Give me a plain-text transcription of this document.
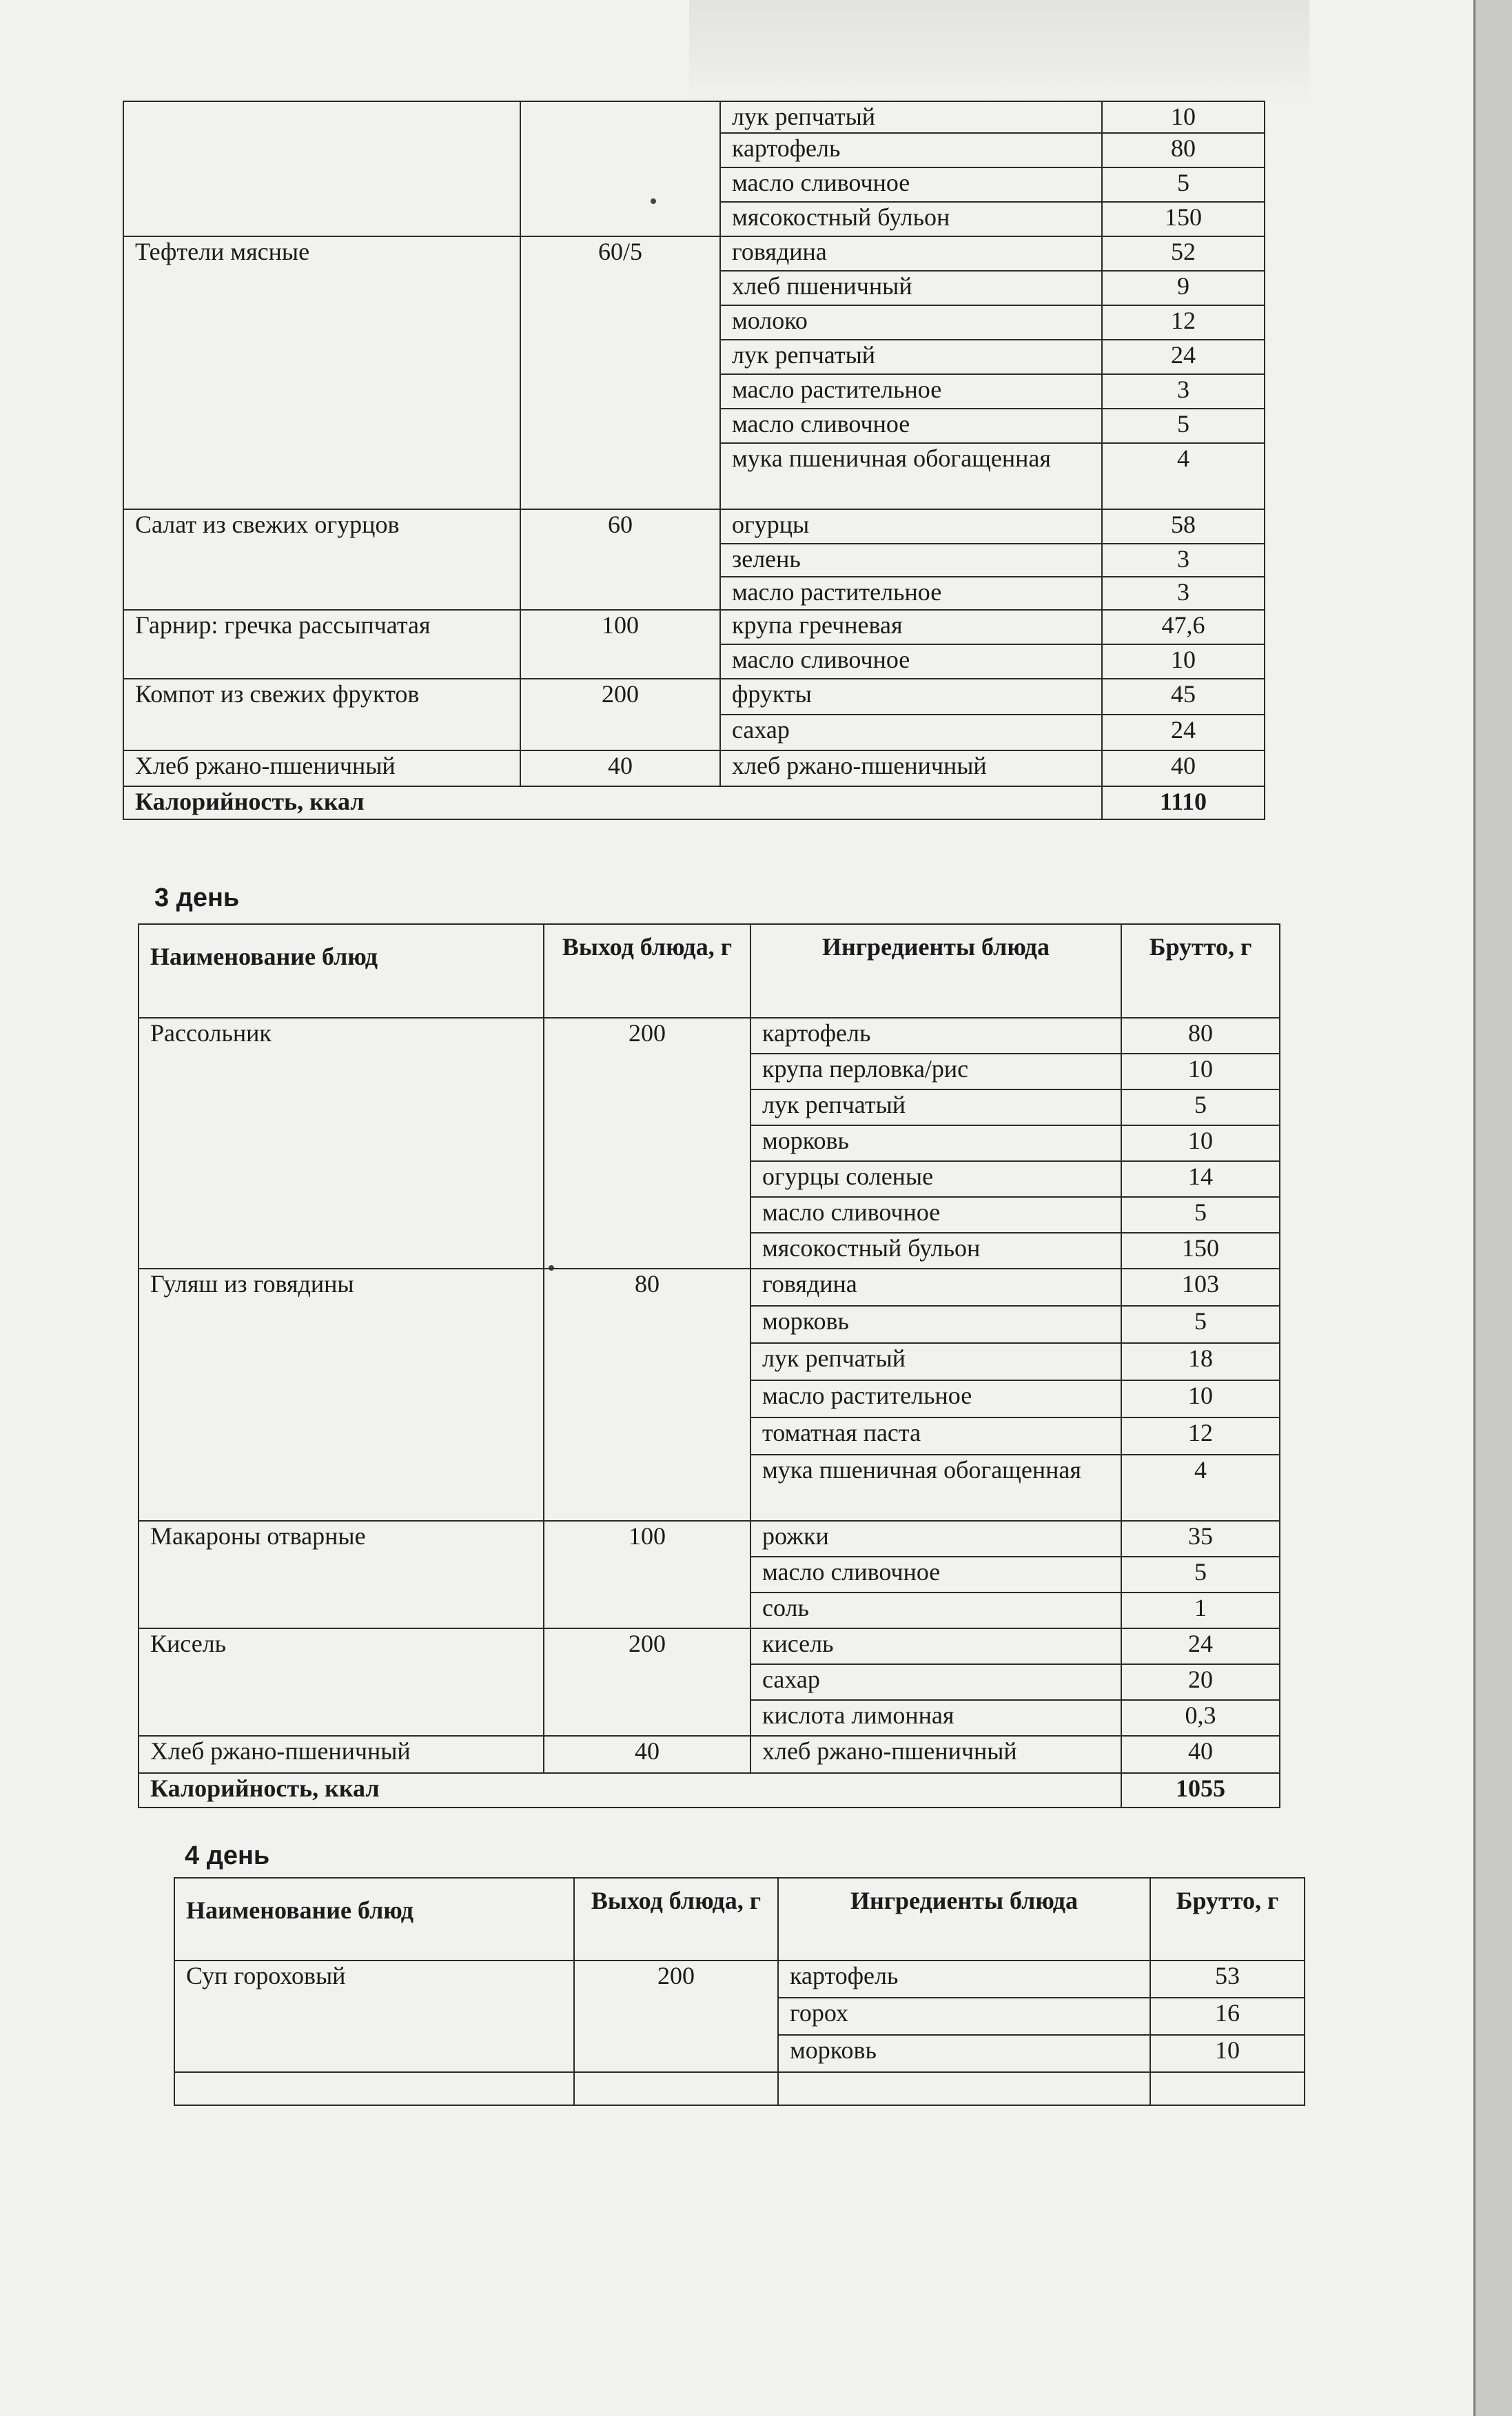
		лук репчатый	10
		картофель	80
		масло сливочное	5
		мясокостный бульон	150
Тефтели мясные	60/5	говядина	52
		хлеб пшеничный	9
		молоко	12
		лук репчатый	24
		масло растительное	3
		масло сливочное	5
		мука пшеничная обогащенная	4
Салат из свежих огурцов	60	огурцы	58
		зелень	3
		масло растительное	3
Гарнир: гречка рассыпчатая	100	крупа гречневая	47,6
		масло сливочное	10
Компот из свежих фруктов	200	фрукты	45
		сахар	24
Хлеб ржано-пшеничный	40	хлеб ржано-пшеничный	40
Калорийность, ккал			1110
3 день
Наименование блюд	Выход блюда, г	Ингредиенты блюда	Брутто, г
Рассольник	200	картофель	80
		крупа перловка/рис	10
		лук репчатый	5
		морковь	10
		огурцы соленые	14
		масло сливочное	5
		мясокостный бульон	150
Гуляш из говядины	80	говядина	103
		морковь	5
		лук репчатый	18
		масло растительное	10
		томатная паста	12
		мука пшеничная обогащенная	4
Макароны отварные	100	рожки	35
		масло сливочное	5
		соль	1
Кисель	200	кисель	24
		сахар	20
		кислота лимонная	0,3
Хлеб ржано-пшеничный	40	хлеб ржано-пшеничный	40
Калорийность, ккал			1055
4 день
Наименование блюд	Выход блюда, г	Ингредиенты блюда	Брутто, г
Суп гороховый	200	картофель	53
		горох	16
		морковь	10
